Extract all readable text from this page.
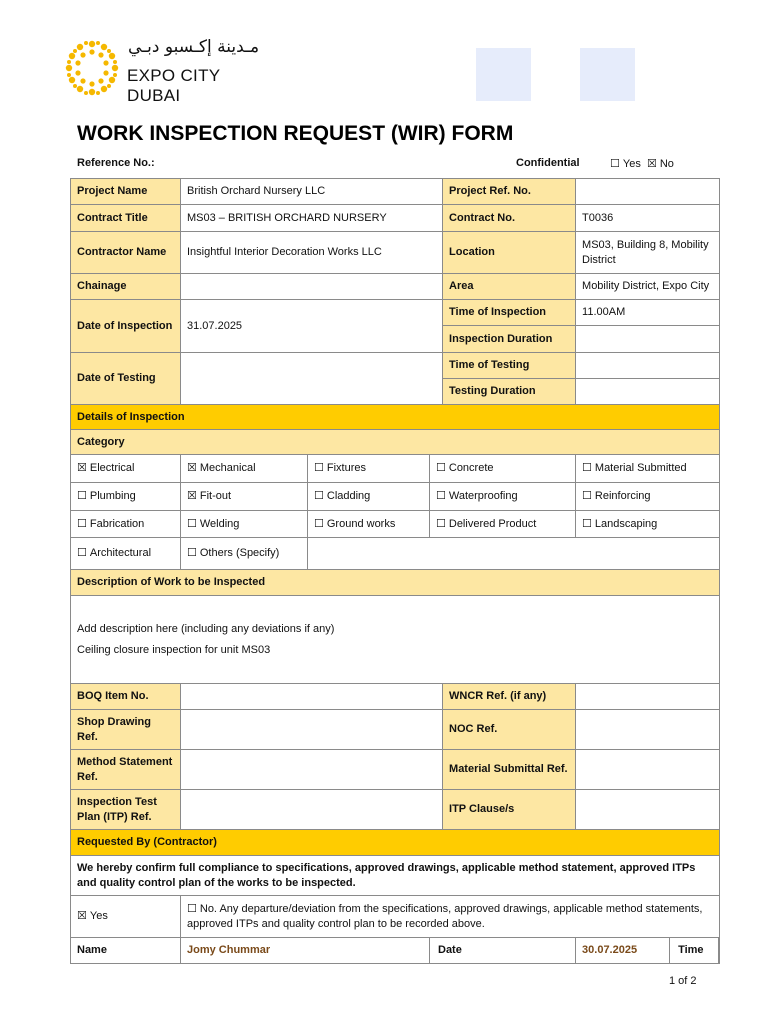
مـدينة إكـسبو دبـي
EXPO CITY DUBAI
WORK INSPECTION REQUEST (WIR) FORM
Reference No.:	Confidential	☐ Yes ☒ No
Project Name	British Orchard Nursery LLC			Project Ref. No.	
Contract Title	MS03 – BRITISH ORCHARD NURSERY			Contract No.	T0036
Contractor Name	Insightful Interior Decoration Works LLC			Location	MS03, Building 8, Mobility District
Chainage				Area	Mobility District, Expo City
Date of Inspection	31.07.2025			Time of Inspection	11.00AM
				Inspection Duration	
Date of Testing				Time of Testing	
				Testing Duration	
Details of Inspection					
Category					
☒ Electrical	☒ Mechanical	☐ Fixtures	☐ Concrete		☐ Material Submitted
☐ Plumbing	☒ Fit-out	☐ Cladding	☐ Waterproofing		☐ Reinforcing
☐ Fabrication	☐ Welding	☐ Ground works	☐ Delivered Product		☐ Landscaping
☐ Architectural	☐ Others (Specify)				
Description of Work to be Inspected					

Add description here (including any deviations if any)
Ceiling closure inspection for unit MS03					

BOQ Item No.				WNCR Ref. (if any)	
Shop Drawing Ref.				NOC Ref.	
Method Statement Ref.				Material Submittal Ref.	
Inspection Test Plan (ITP) Ref.				ITP Clause/s	
Requested By (Contractor)					
We hereby confirm full compliance to specifications, approved drawings, applicable method statement, approved ITPs and quality control plan of the works to be inspected.					
☒ Yes	☐ No. Any departure/deviation from the specifications, approved drawings, applicable method statements, approved ITPs and quality control plan to be recorded above.				
Name	Jomy Chummar		Date		30.07.2025 Time
1 of 2
